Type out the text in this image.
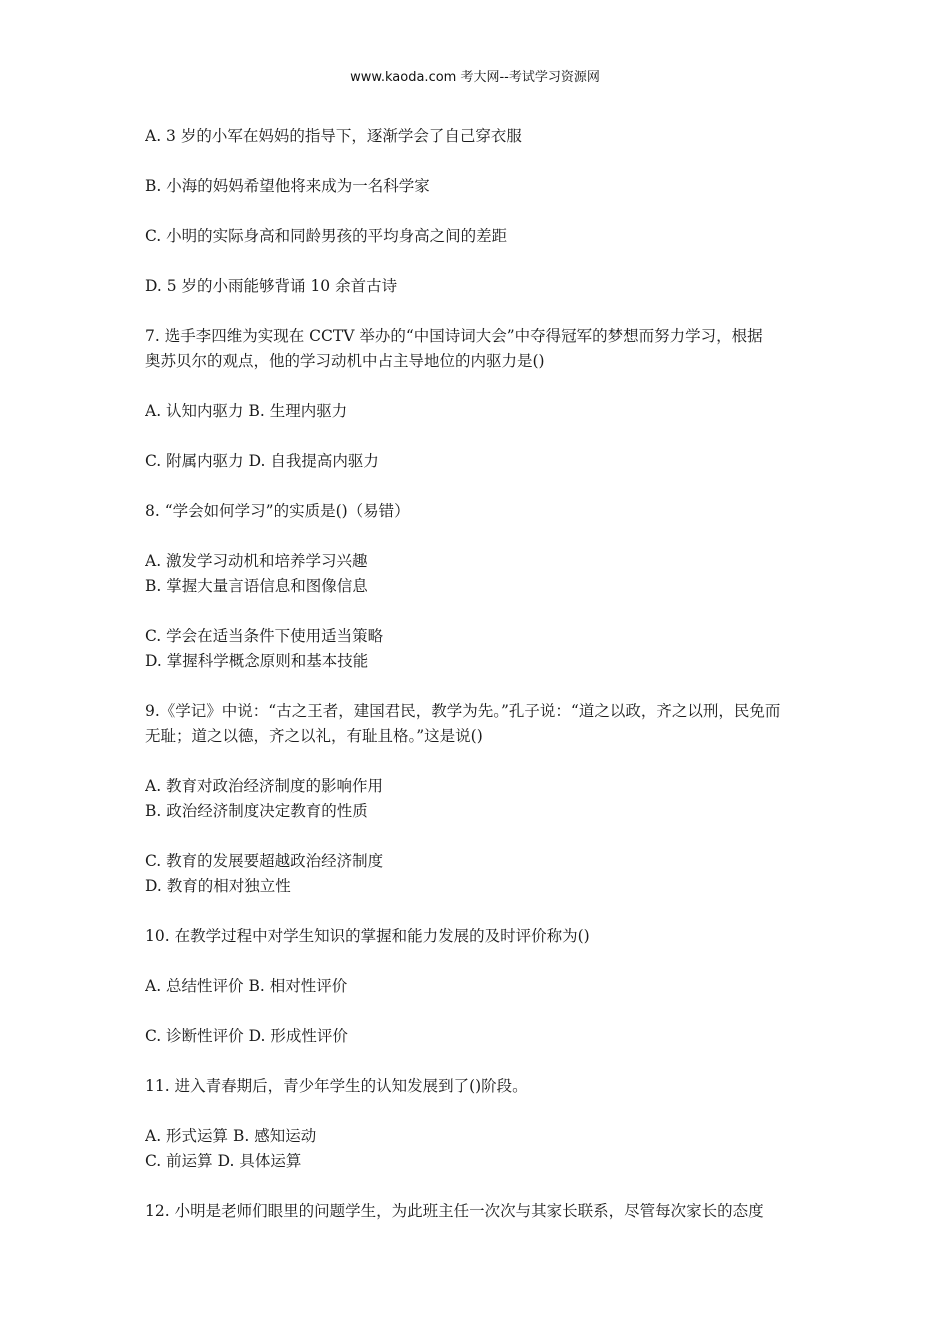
www.kaoda.com 考大网--考试学习资源网
A. 3 岁的小军在妈妈的指导下，逐渐学会了自己穿衣服
B. 小海的妈妈希望他将来成为一名科学家
C. 小明的实际身高和同龄男孩的平均身高之间的差距
D. 5 岁的小雨能够背诵 10 余首古诗
7. 选手李四维为实现在 CCTV 举办的“中国诗词大会”中夺得冠军的梦想而努力学习，根据
奥苏贝尔的观点，他的学习动机中占主导地位的内驱力是()
A. 认知内驱力 B. 生理内驱力
C. 附属内驱力 D. 自我提高内驱力
8. “学会如何学习”的实质是()（易错）
A. 激发学习动机和培养学习兴趣
B. 掌握大量言语信息和图像信息
C. 学会在适当条件下使用适当策略
D. 掌握科学概念原则和基本技能
9.《学记》中说：“古之王者，建国君民，教学为先。”孔子说：“道之以政，齐之以刑，民免而
无耻；道之以德，齐之以礼，有耻且格。”这是说()
A. 教育对政治经济制度的影响作用
B. 政治经济制度决定教育的性质
C. 教育的发展要超越政治经济制度
D. 教育的相对独立性
10. 在教学过程中对学生知识的掌握和能力发展的及时评价称为()
A. 总结性评价 B. 相对性评价
C. 诊断性评价 D. 形成性评价
11. 进入青春期后，青少年学生的认知发展到了()阶段。
A. 形式运算 B. 感知运动
C. 前运算 D. 具体运算
12. 小明是老师们眼里的问题学生，为此班主任一次次与其家长联系，尽管每次家长的态度
